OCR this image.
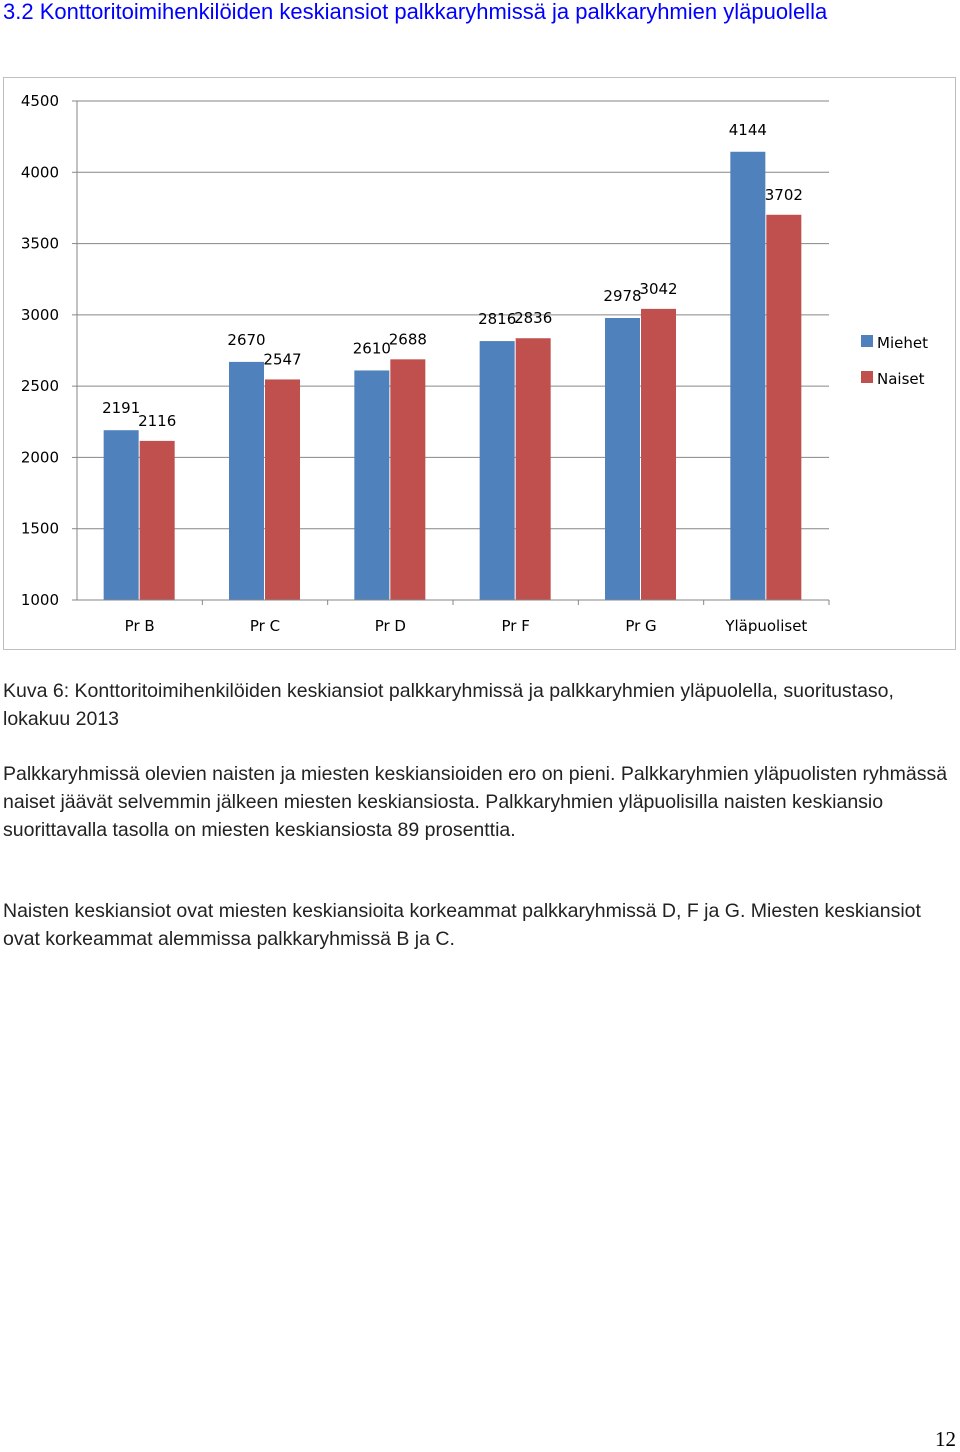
3.2 Konttoritoimihenkilöiden keskiansiot palkkaryhmissä ja palkkaryhmien yläpuolella
2191
2116
2670
2547
2610
2688
2816
2836
2978
3042
4144
3702
1000
1500
2000
2500
3000
3500
4000
4500
Pr B	Pr C	Pr D	Pr F	Pr G	Yläpuoliset
Miehet
Naiset
Kuva 6: Konttoritoimihenkilöiden keskiansiot palkkaryhmissä ja palkkaryhmien yläpuolella, suoritustaso, lokakuu 2013
Palkkaryhmissä olevien naisten ja miesten keskiansioiden ero on pieni. Palkkaryhmien yläpuolisten ryhmässä naiset jäävät selvemmin jälkeen miesten keskiansiosta. Palkkaryhmien yläpuolisilla naisten keskiansio suorittavalla tasolla on miesten keskiansiosta 89 prosenttia.
Naisten keskiansiot ovat miesten keskiansioita korkeammat palkkaryhmissä D, F ja G. Miesten keskiansiot ovat korkeammat alemmissa palkkaryhmissä B ja C.
12
